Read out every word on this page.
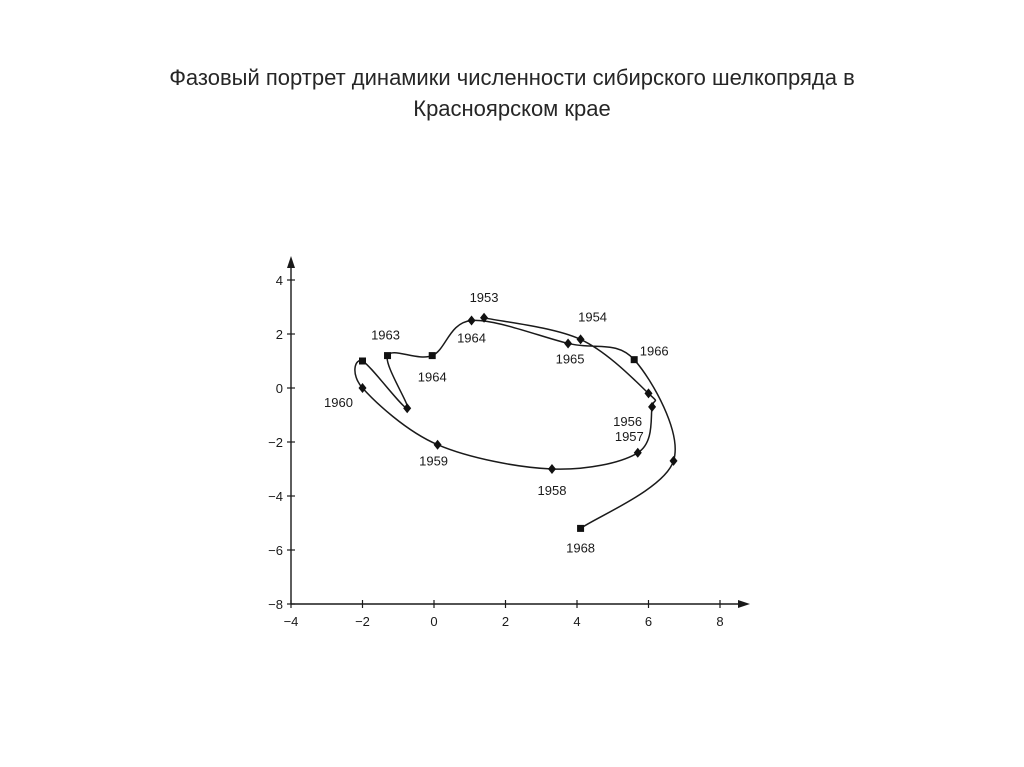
Фазовый портрет динамики численности сибирского шелкопряда в Красноярском крае
−4	−2	0	2	4	6	8
4
2
0
−2
−4
−6
−8
1953
1954
1956
1957
1958
1959
1960
1963
1964
1964
1965
1966
1968
